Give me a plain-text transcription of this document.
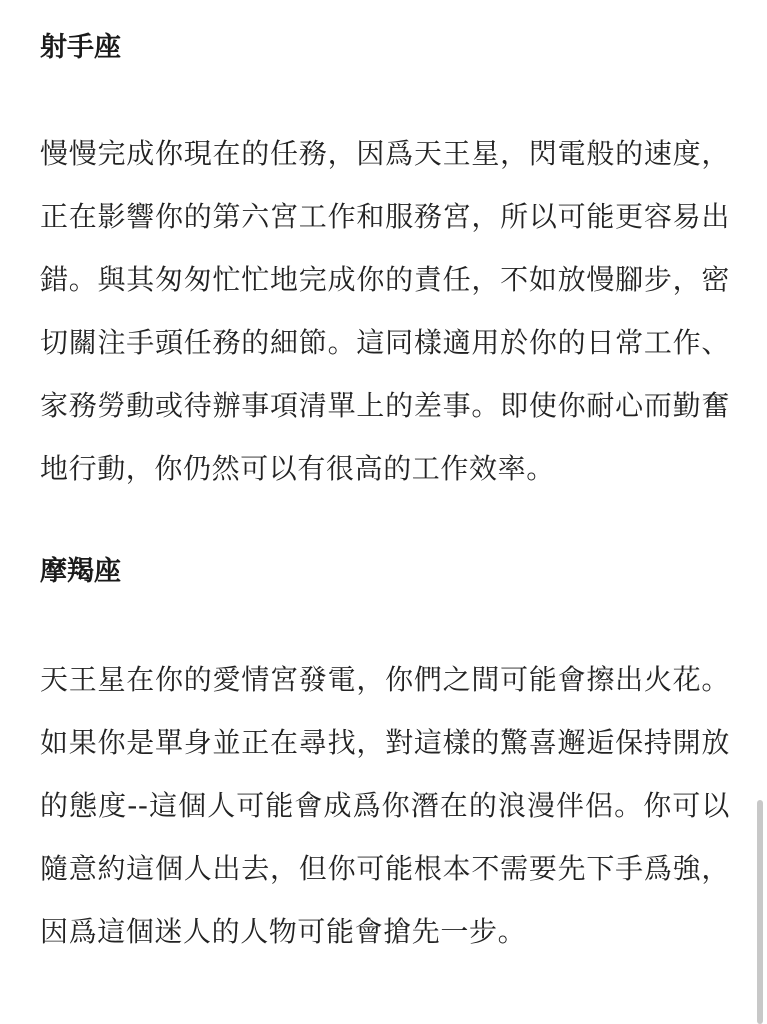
射手座

慢慢完成你現在的任務，因爲天王星，閃電般的速度，正在影響你的第六宮工作和服務宮，所以可能更容易出錯。與其匆匆忙忙地完成你的責任，不如放慢腳步，密切關注手頭任務的細節。這同樣適用於你的日常工作、家務勞動或待辦事項清單上的差事。即使你耐心而勤奮地行動，你仍然可以有很高的工作效率。

摩羯座

天王星在你的愛情宮發電，你們之間可能會擦出火花。如果你是單身並正在尋找，對這樣的驚喜邂逅保持開放的態度--這個人可能會成爲你潛在的浪漫伴侶。你可以隨意約這個人出去，但你可能根本不需要先下手爲強，因爲這個迷人的人物可能會搶先一步。
